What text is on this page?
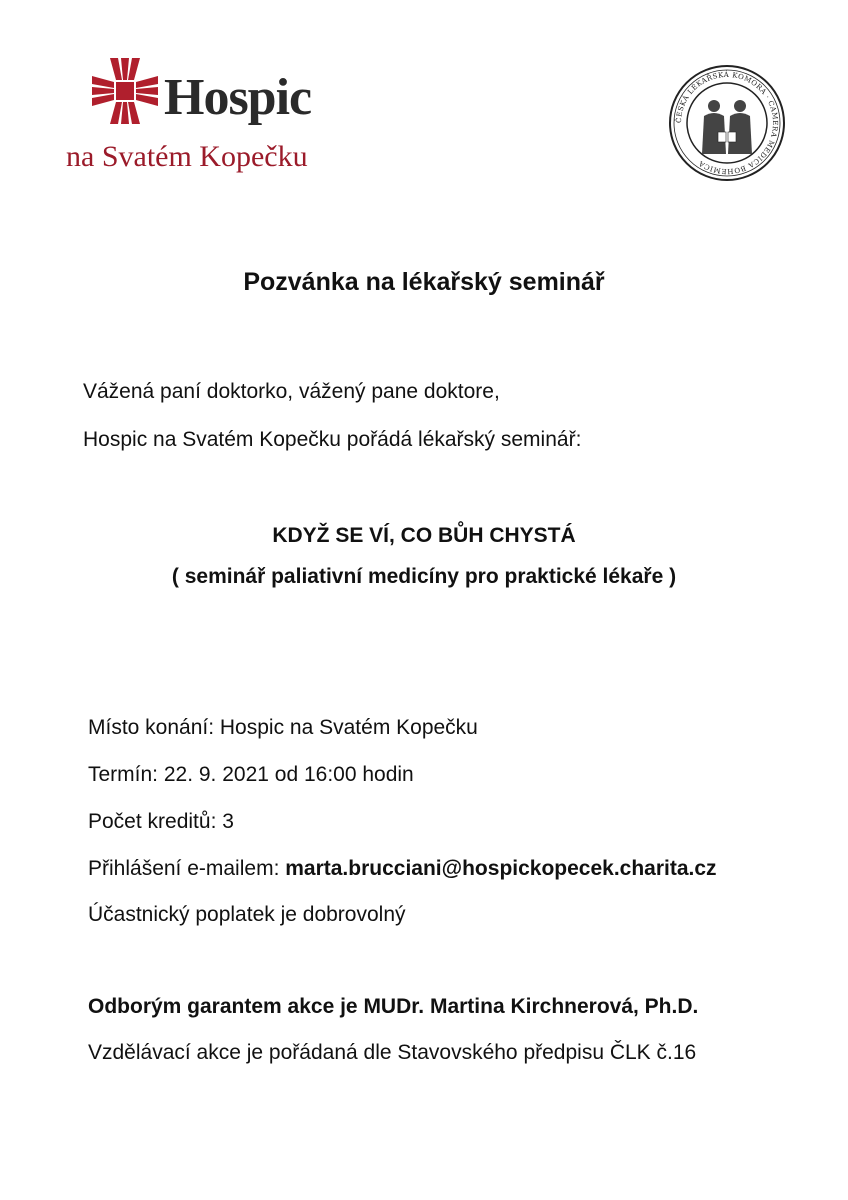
Hospic
na Svatém Kopečku
ČESKÁ LÉKAŘSKÁ KOMORA · CAMERA MEDICA BOHEMICA
Pozvánka na lékařský seminář

Vážená paní doktorko, vážený pane doktore,

Hospic na Svatém Kopečku pořádá lékařský seminář:

KDYŽ SE VÍ, CO BŮH CHYSTÁ

( seminář paliativní medicíny pro praktické lékaře )

Místo konání: Hospic na Svatém Kopečku

Termín: 22. 9. 2021 od 16:00 hodin

Počet kreditů: 3

Přihlášení e-mailem: marta.brucciani@hospickopecek.charita.cz

Účastnický poplatek je dobrovolný

Odborým garantem akce je MUDr. Martina Kirchnerová, Ph.D.

Vzdělávací akce je pořádaná dle Stavovského předpisu ČLK č.16
